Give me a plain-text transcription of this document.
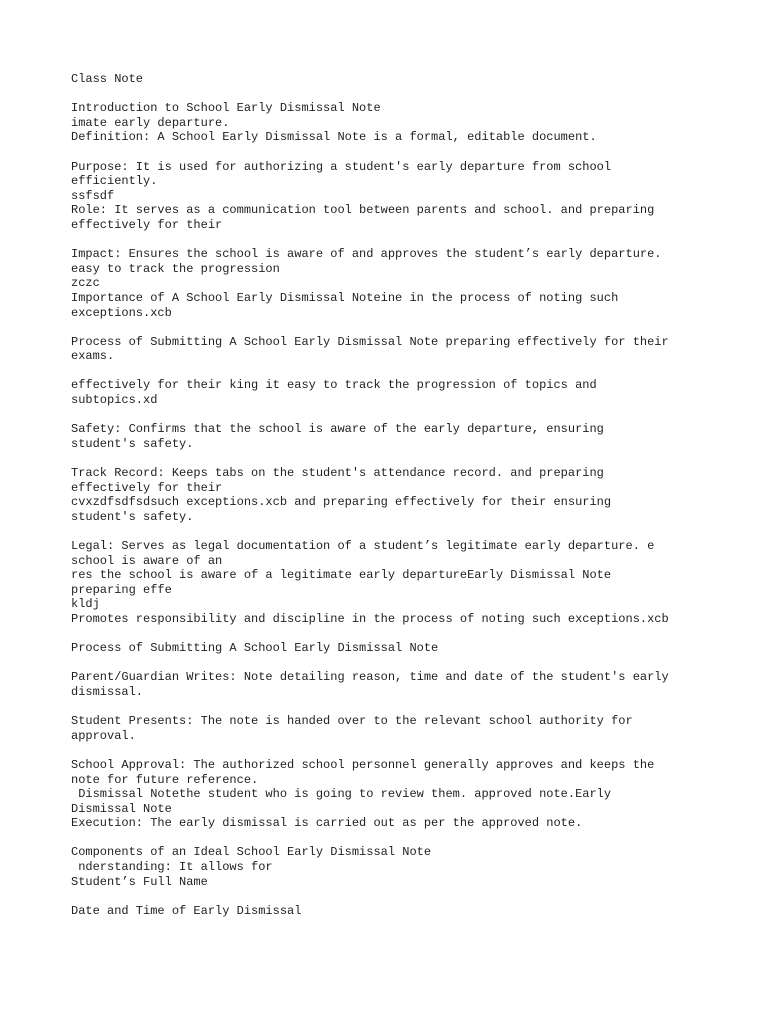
Class Note
Introduction to School Early Dismissal Note
imate early departure.
Definition: A School Early Dismissal Note is a formal, editable document.
Purpose: It is used for authorizing a student's early departure from school
efficiently.
ssfsdf
Role: It serves as a communication tool between parents and school. and preparing
effectively for their
Impact: Ensures the school is aware of and approves the student’s early departure.
easy to track the progression
zczc
Importance of A School Early Dismissal Noteine in the process of noting such
exceptions.xcb
Process of Submitting A School Early Dismissal Note preparing effectively for their
exams.
effectively for their king it easy to track the progression of topics and
subtopics.xd
Safety: Confirms that the school is aware of the early departure, ensuring
student's safety.
Track Record: Keeps tabs on the student's attendance record. and preparing
effectively for their
cvxzdfsdfsdsuch exceptions.xcb and preparing effectively for their ensuring
student's safety.
Legal: Serves as legal documentation of a student’s legitimate early departure. e
school is aware of an
res the school is aware of a legitimate early departureEarly Dismissal Note
preparing effe
kldj
Promotes responsibility and discipline in the process of noting such exceptions.xcb
Process of Submitting A School Early Dismissal Note
Parent/Guardian Writes: Note detailing reason, time and date of the student's early
dismissal.
Student Presents: The note is handed over to the relevant school authority for
approval.
School Approval: The authorized school personnel generally approves and keeps the
note for future reference.
Dismissal Notethe student who is going to review them. approved note.Early
Dismissal Note
Execution: The early dismissal is carried out as per the approved note.
Components of an Ideal School Early Dismissal Note
nderstanding: It allows for
Student’s Full Name
Date and Time of Early Dismissal
